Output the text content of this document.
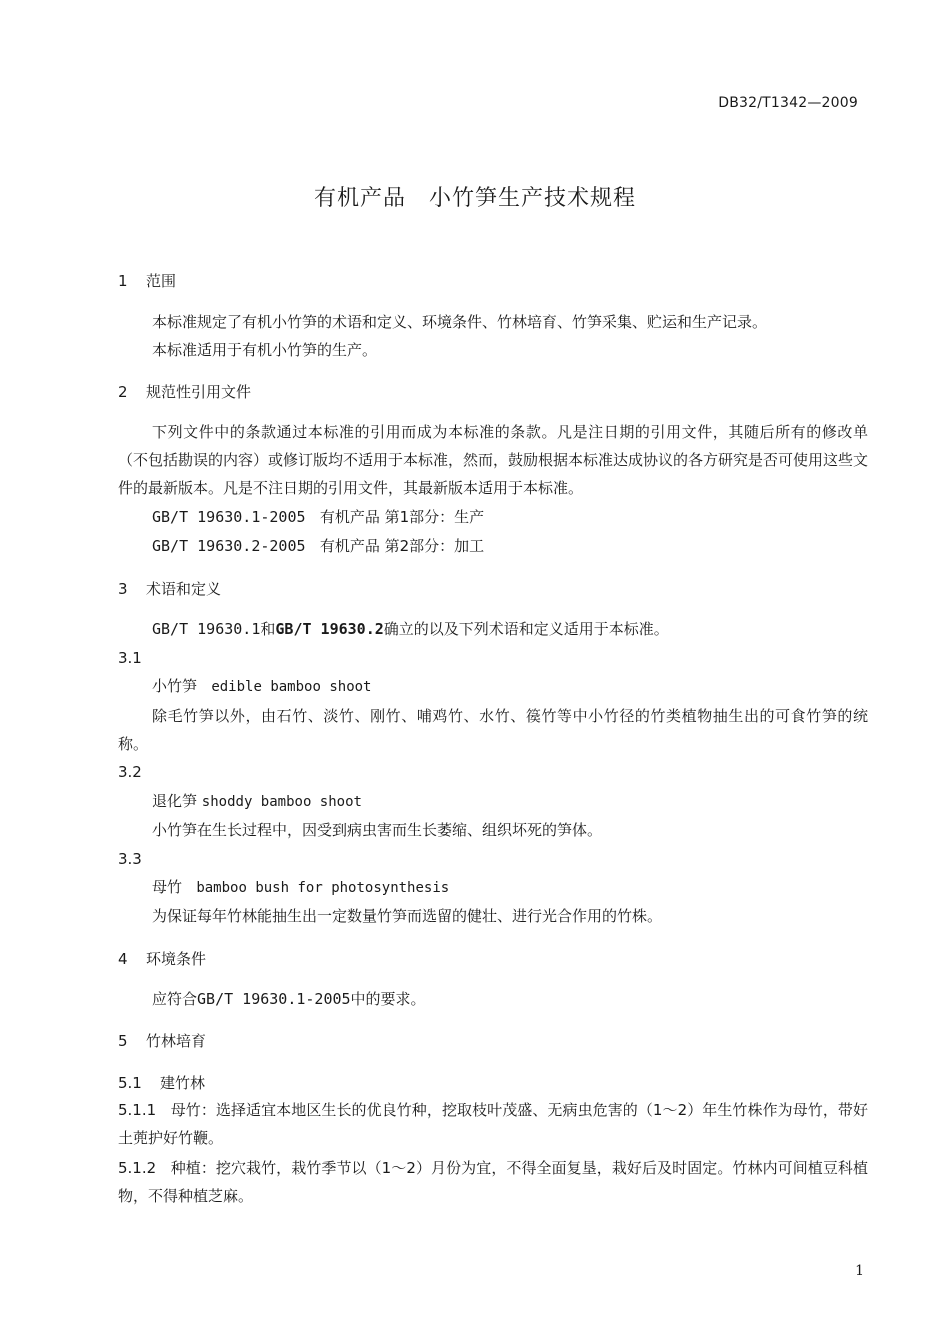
DB32/T1342—2009
有机产品　小竹笋生产技术规程
1 范围
本标准规定了有机小竹笋的术语和定义、环境条件、竹林培育、竹笋采集、贮运和生产记录。
本标准适用于有机小竹笋的生产。
2 规范性引用文件
下列文件中的条款通过本标准的引用而成为本标准的条款。凡是注日期的引用文件，其随后所有的修改单（不包括勘误的内容）或修订版均不适用于本标准，然而，鼓励根据本标准达成协议的各方研究是否可使用这些文件的最新版本。凡是不注日期的引用文件，其最新版本适用于本标准。
GB/T 19630.1-2005 有机产品 第1部分：生产
GB/T 19630.2-2005 有机产品 第2部分：加工
3 术语和定义
GB/T 19630.1和GB/T 19630.2确立的以及下列术语和定义适用于本标准。
3.1
小竹笋 edible bamboo shoot
除毛竹笋以外，由石竹、淡竹、刚竹、哺鸡竹、水竹、篌竹等中小竹径的竹类植物抽生出的可食竹笋的统称。
3.2
退化笋 shoddy bamboo shoot
小竹笋在生长过程中，因受到病虫害而生长萎缩、组织坏死的笋体。
3.3
母竹 bamboo bush for photosynthesis
为保证每年竹林能抽生出一定数量竹笋而选留的健壮、进行光合作用的竹株。
4 环境条件
应符合GB/T 19630.1-2005中的要求。
5 竹林培育
5.1 建竹林
5.1.1 母竹：选择适宜本地区生长的优良竹种，挖取枝叶茂盛、无病虫危害的（1～2）年生竹株作为母竹，带好土蔸护好竹鞭。
5.1.2 种植：挖穴栽竹，栽竹季节以（1～2）月份为宜，不得全面复垦，栽好后及时固定。竹林内可间植豆科植物，不得种植芝麻。
1
